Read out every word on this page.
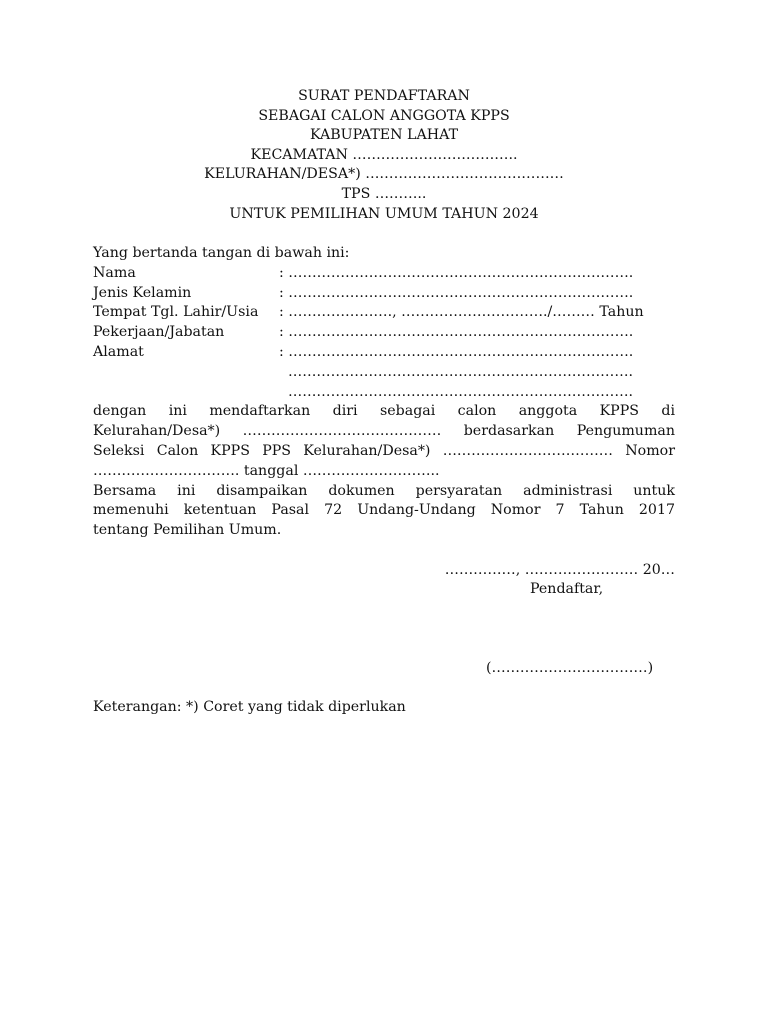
SURAT PENDAFTARAN
SEBAGAI CALON ANGGOTA KPPS
KABUPATEN LAHAT
KECAMATAN ……………………………..
KELURAHAN/DESA*) ……………………………………
TPS ………..
UNTUK PEMILIHAN UMUM TAHUN 2024
Yang bertanda tangan di bawah ini:
Nama	: ……………………………………………………………….
Jenis Kelamin	: ……………………………………………………………….
Tempat Tgl. Lahir/Usia	: …………………., …………………………./……… Tahun
Pekerjaan/Jabatan	: ……………………………………………………………….
Alamat	: ……………………………………………………………….
……………………………………………………………….
……………………………………………………………….
dengan ini mendaftarkan diri sebagai calon anggota KPPS di
Kelurahan/Desa*) …………………………………… berdasarkan Pengumuman
Seleksi Calon KPPS PPS Kelurahan/Desa*) ……………………………… Nomor
…………………………. tanggal ………………………..
Bersama ini disampaikan dokumen persyaratan administrasi untuk
memenuhi ketentuan Pasal 72 Undang-Undang Nomor 7 Tahun 2017
tentang Pemilihan Umum.
……………, …………………… 20…
Pendaftar,
(……………………………)
Keterangan: *) Coret yang tidak diperlukan
